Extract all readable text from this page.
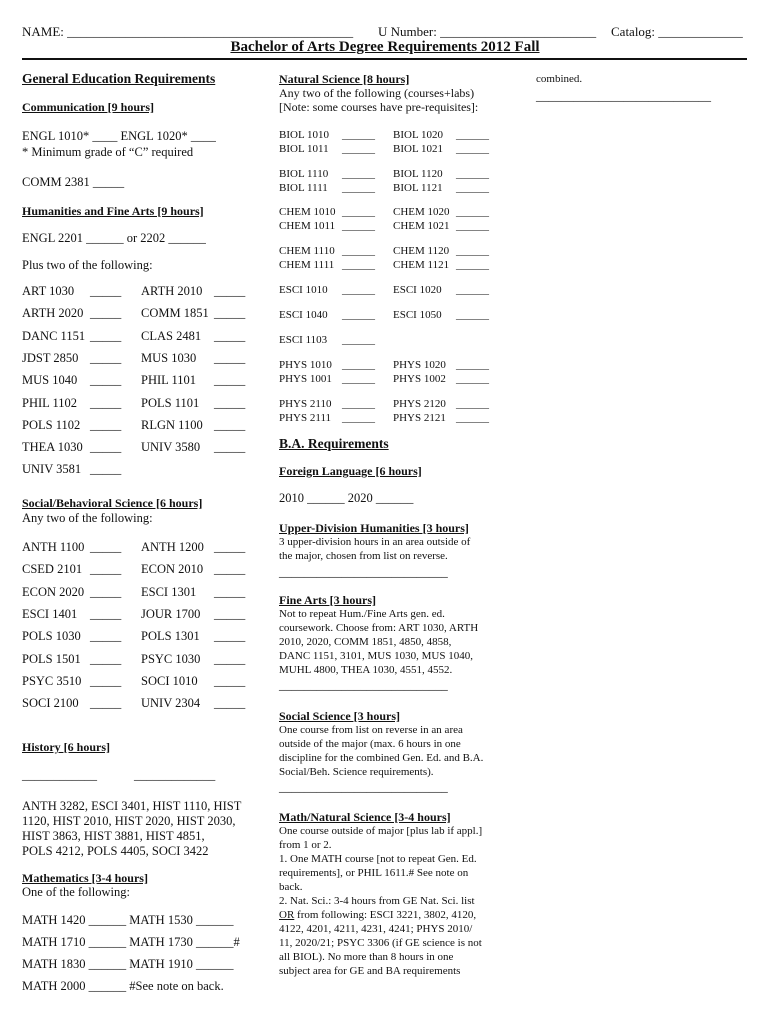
NAME: ____________________________________________ U Number: ________________________ Catalog: _____________
Bachelor of Arts Degree Requirements 2012 Fall
General Education Requirements
Communication [9 hours]
ENGL 1010* ____ ENGL 1020* ____
* Minimum grade of “C” required
COMM 2381 _____
Humanities and Fine Arts [9 hours]
ENGL 2201 ______ or 2202 ______
Plus two of the following:
Social/Behavioral Science [6 hours]
Any two of the following:
History [6 hours]
____________	_____________
ANTH 3282, ESCI 3401, HIST 1110, HIST
1120, HIST 2010, HIST 2020, HIST 2030,
HIST 3863, HIST 3881, HIST 4851,
POLS 4212, POLS 4405, SOCI 3422
Mathematics [3-4 hours]
One of the following:
MATH 1420 ______ MATH 1530 ______
MATH 1710 ______ MATH 1730 ______#
MATH 1830 ______ MATH 1910 ______
MATH 2000 ______ #See note on back.
Natural Science [8 hours]
Any two of the following (courses+labs)
[Note: some courses have pre-requisites]:
B.A. Requirements
Foreign Language [6 hours]
2010 ______ 2020 ______
Upper-Division Humanities [3 hours]
3 upper-division hours in an area outside of
the major, chosen from list on reverse.
___________________________
Fine Arts [3 hours]
Not to repeat Hum./Fine Arts gen. ed.
coursework. Choose from: ART 1030, ARTH
2010, 2020, COMM 1851, 4850, 4858,
DANC 1151, 3101, MUS 1030, MUS 1040,
MUHL 4800, THEA 1030, 4551, 4552.
___________________________
Social Science [3 hours]
One course from list on reverse in an area
outside of the major (max. 6 hours in one
discipline for the combined Gen. Ed. and B.A.
Social/Beh. Science requirements).
___________________________
Math/Natural Science [3-4 hours]
One course outside of major [plus lab if appl.]
from 1 or 2.
1. One MATH course [not to repeat Gen. Ed.
requirements], or PHIL 1611.# See note on
back.
2. Nat. Sci.: 3-4 hours from GE Nat. Sci. list
OR from following: ESCI 3221, 3802, 4120,
4122, 4201, 4211, 4231, 4241; PHYS 2010/
11, 2020/21; PSYC 3306 (if GE science is not
all BIOL). No more than 8 hours in one
subject area for GE and BA requirements
combined.
____________________________
ART 1030 _____ ARTH 2010 _____
ARTH 2020 _____ COMM 1851 _____
DANC 1151 _____ CLAS 2481 _____
JDST 2850 _____ MUS 1030 _____
MUS 1040 _____ PHIL 1101 _____
PHIL 1102 _____ POLS 1101 _____
POLS 1102 _____ RLGN 1100 _____
THEA 1030 _____ UNIV 3580 _____
UNIV 3581 _____
ANTH 1100 _____ ANTH 1200 _____
CSED 2101 _____ ECON 2010 _____
ECON 2020 _____ ESCI 1301 _____
ESCI 1401 _____ JOUR 1700 _____
POLS 1030 _____ POLS 1301 _____
POLS 1501 _____ PSYC 1030 _____
PSYC 3510 _____ SOCI 1010 _____
SOCI 2100 _____ UNIV 2304 _____
BIOL 1010 ______ BIOL 1020 ______
BIOL 1011 ______ BIOL 1021 ______
BIOL 1110 ______ BIOL 1120 ______
BIOL 1111 ______ BIOL 1121 ______
CHEM 1010 ______ CHEM 1020 ______
CHEM 1011 ______ CHEM 1021 ______
CHEM 1110 ______ CHEM 1120 ______
CHEM 1111 ______ CHEM 1121 ______
ESCI 1010 ______ ESCI 1020 ______
ESCI 1040 ______ ESCI 1050 ______
ESCI 1103 ______
PHYS 1010 ______ PHYS 1020 ______
PHYS 1001 ______ PHYS 1002 ______
PHYS 2110 ______ PHYS 2120 ______
PHYS 2111 ______ PHYS 2121 ______
